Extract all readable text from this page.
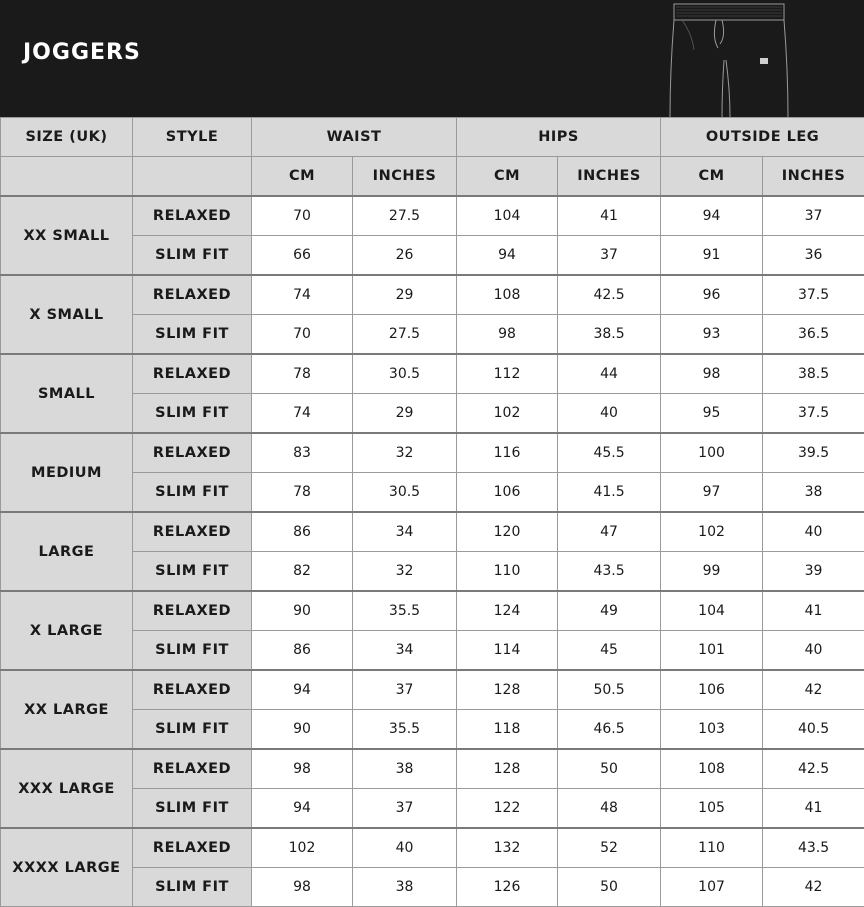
JOGGERS
SIZE (UK)	STYLE	WAIST		HIPS		OUTSIDE LEG	
		CM	INCHES	CM	INCHES	CM	INCHES
XX SMALL	RELAXED	70	27.5	104	41	94	37
	SLIM FIT	66	26	94	37	91	36
X SMALL	RELAXED	74	29	108	42.5	96	37.5
	SLIM FIT	70	27.5	98	38.5	93	36.5
SMALL	RELAXED	78	30.5	112	44	98	38.5
	SLIM FIT	74	29	102	40	95	37.5
MEDIUM	RELAXED	83	32	116	45.5	100	39.5
	SLIM FIT	78	30.5	106	41.5	97	38
LARGE	RELAXED	86	34	120	47	102	40
	SLIM FIT	82	32	110	43.5	99	39
X LARGE	RELAXED	90	35.5	124	49	104	41
	SLIM FIT	86	34	114	45	101	40
XX LARGE	RELAXED	94	37	128	50.5	106	42
	SLIM FIT	90	35.5	118	46.5	103	40.5
XXX LARGE	RELAXED	98	38	128	50	108	42.5
	SLIM FIT	94	37	122	48	105	41
XXXX LARGE	RELAXED	102	40	132	52	110	43.5
	SLIM FIT	98	38	126	50	107	42
